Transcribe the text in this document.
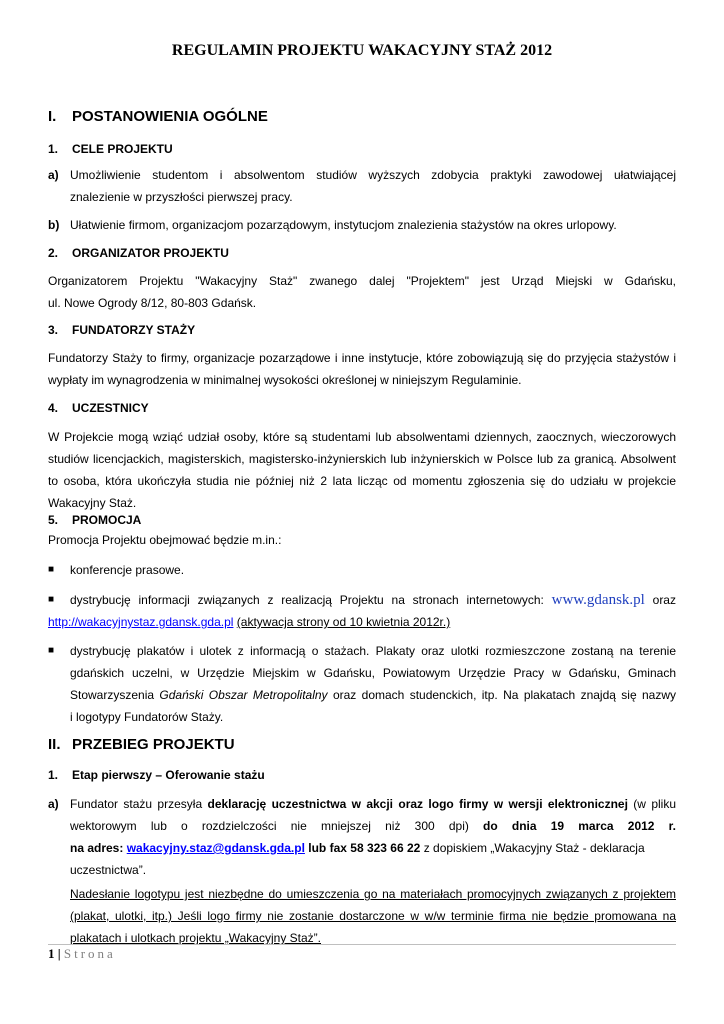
REGULAMIN PROJEKTU WAKACYJNY STAŻ 2012
I. POSTANOWIENIA OGÓLNE
1. CELE PROJEKTU
a) Umożliwienie studentom i absolwentom studiów wyższych zdobycia praktyki zawodowej ułatwiającej
znalezienie w przyszłości pierwszej pracy.
b) Ułatwienie firmom, organizacjom pozarządowym, instytucjom znalezienia stażystów na okres urlopowy.
2. ORGANIZATOR PROJEKTU
Organizatorem Projektu "Wakacyjny Staż" zwanego dalej "Projektem" jest Urząd Miejski w Gdańsku,
ul. Nowe Ogrody 8/12, 80-803 Gdańsk.
3. FUNDATORZY STAŻY
Fundatorzy Staży to firmy, organizacje pozarządowe i inne instytucje, które zobowiązują się do przyjęcia stażystów i
wypłaty im wynagrodzenia w minimalnej wysokości określonej w niniejszym Regulaminie.
4. UCZESTNICY
W Projekcie mogą wziąć udział osoby, które są studentami lub absolwentami dziennych, zaocznych, wieczorowych
studiów licencjackich, magisterskich, magistersko-inżynierskich lub inżynierskich w Polsce lub za granicą. Absolwent
to osoba, która ukończyła studia nie później niż 2 lata licząc od momentu zgłoszenia się do udziału w projekcie
Wakacyjny Staż.
5. PROMOCJA
Promocja Projektu obejmować będzie m.in.:
■ konferencje prasowe.
■ dystrybucję informacji związanych z realizacją Projektu na stronach internetowych: www.gdansk.pl oraz
http://wakacyjnystaz.gdansk.gda.pl (aktywacja strony od 10 kwietnia 2012r.)
■ dystrybucję plakatów i ulotek z informacją o stażach. Plakaty oraz ulotki rozmieszczone zostaną na terenie
gdańskich uczelni, w Urzędzie Miejskim w Gdańsku, Powiatowym Urzędzie Pracy w Gdańsku, Gminach
Stowarzyszenia Gdański Obszar Metropolitalny oraz domach studenckich, itp. Na plakatach znajdą się nazwy
i logotypy Fundatorów Staży.
II. PRZEBIEG PROJEKTU
1. Etap pierwszy – Oferowanie stażu
a) Fundator stażu przesyła deklarację uczestnictwa w akcji oraz logo firmy w wersji elektronicznej (w pliku
wektorowym lub o rozdzielczości nie mniejszej niż 300 dpi) do dnia 19 marca 2012 r.
na adres: wakacyjny.staz@gdansk.gda.pl lub fax 58 323 66 22 z dopiskiem „Wakacyjny Staż - deklaracja
uczestnictwa”.
Nadesłanie logotypu jest niezbędne do umieszczenia go na materiałach promocyjnych związanych z projektem
(plakat, ulotki, itp.) Jeśli logo firmy nie zostanie dostarczone w w/w terminie firma nie będzie promowana na
plakatach i ulotkach projektu „Wakacyjny Staż”.
1 | Strona
